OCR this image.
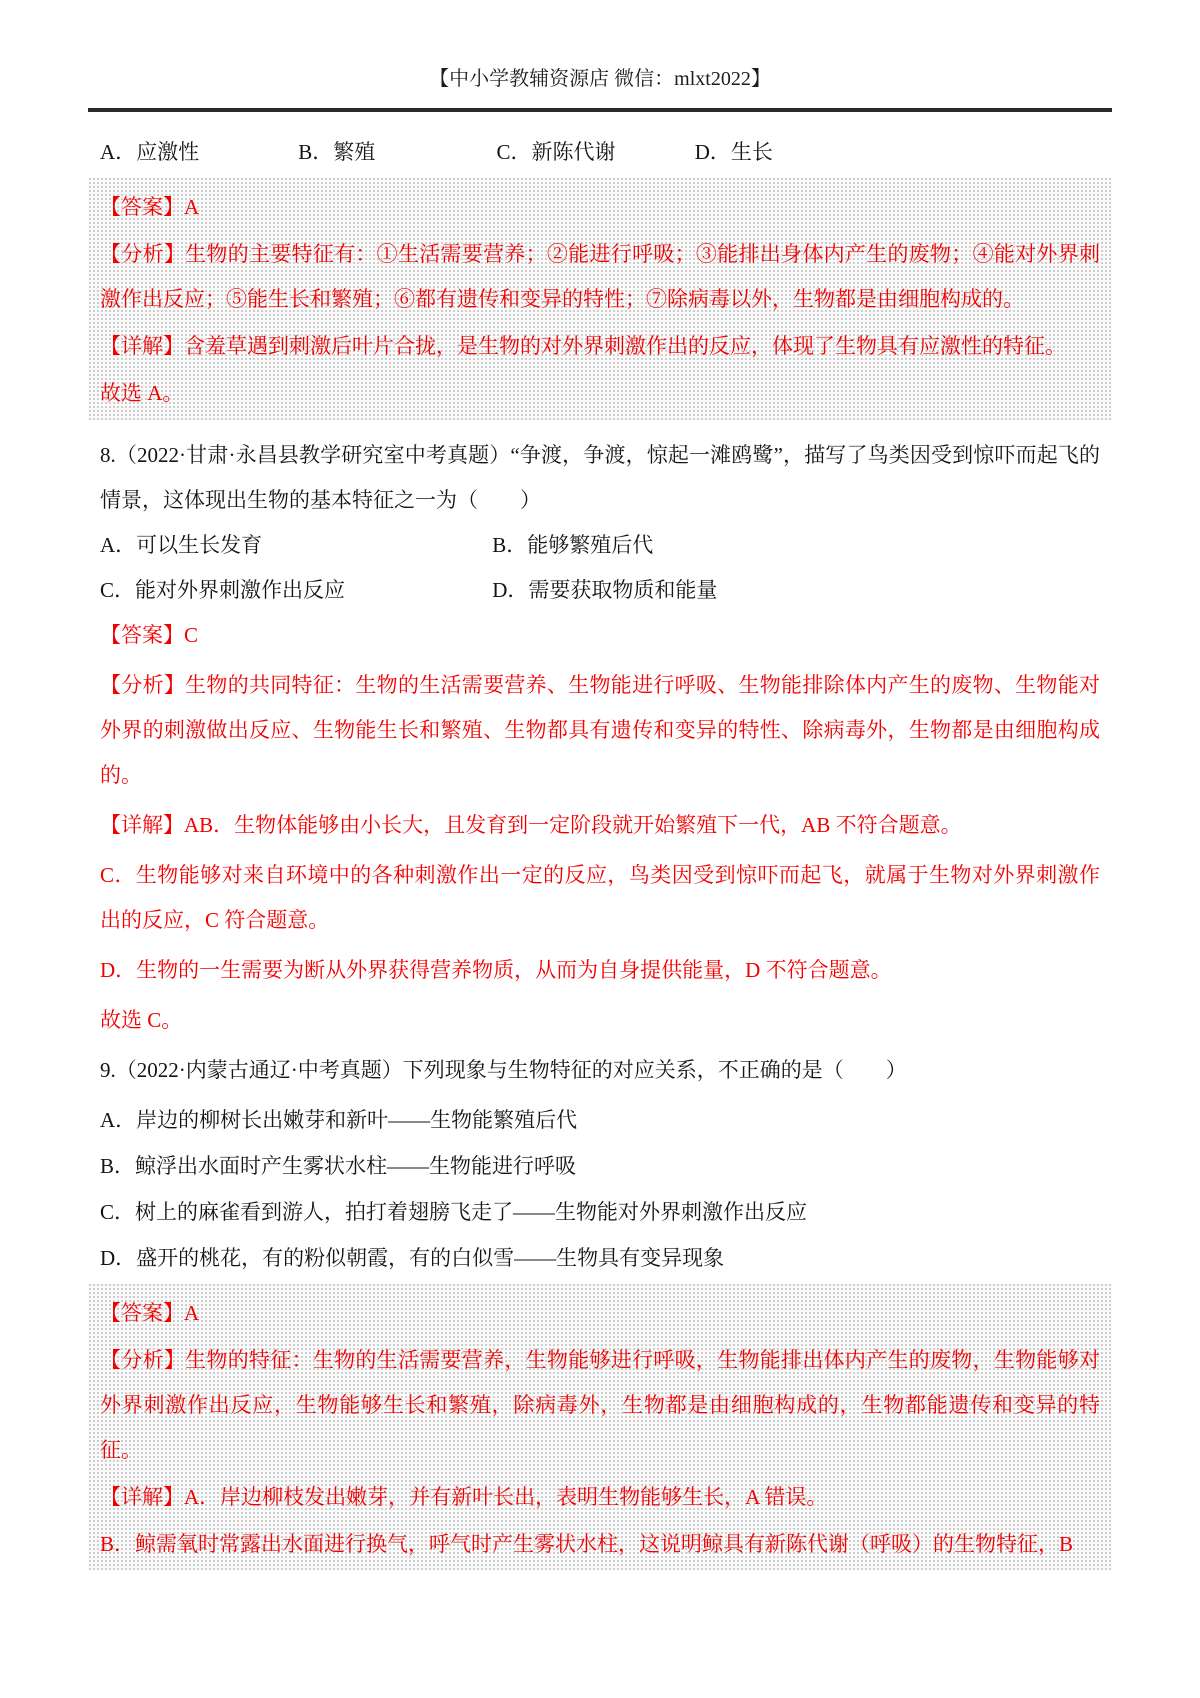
【中小学教辅资源店 微信：mlxt2022】
A．应激性	B．繁殖	C．新陈代谢	D．生长

【答案】A

【分析】生物的主要特征有：①生活需要营养；②能进行呼吸；③能排出身体内产生的废物；④能对外界刺激作出反应；⑤能生长和繁殖；⑥都有遗传和变异的特性；⑦除病毒以外，生物都是由细胞构成的。

【详解】含羞草遇到刺激后叶片合拢，是生物的对外界刺激作出的反应，体现了生物具有应激性的特征。

故选 A。

8.（2022·甘肃·永昌县教学研究室中考真题）“争渡，争渡，惊起一滩鸥鹭”，描写了鸟类因受到惊吓而起飞的情景，这体现出生物的基本特征之一为（　　）

A．可以生长发育	B．能够繁殖后代
C．能对外界刺激作出反应	D．需要获取物质和能量

【答案】C

【分析】生物的共同特征：生物的生活需要营养、生物能进行呼吸、生物能排除体内产生的废物、生物能对外界的刺激做出反应、生物能生长和繁殖、生物都具有遗传和变异的特性、除病毒外，生物都是由细胞构成的。

【详解】AB．生物体能够由小长大，且发育到一定阶段就开始繁殖下一代，AB 不符合题意。

C．生物能够对来自环境中的各种刺激作出一定的反应，鸟类因受到惊吓而起飞，就属于生物对外界刺激作出的反应，C 符合题意。

D．生物的一生需要为断从外界获得营养物质，从而为自身提供能量，D 不符合题意。

故选 C。

9.（2022·内蒙古通辽·中考真题）下列现象与生物特征的对应关系，不正确的是（　　）

A．岸边的柳树长出嫩芽和新叶——生物能繁殖后代

B．鲸浮出水面时产生雾状水柱——生物能进行呼吸

C．树上的麻雀看到游人，拍打着翅膀飞走了——生物能对外界刺激作出反应

D．盛开的桃花，有的粉似朝霞，有的白似雪——生物具有变异现象

【答案】A

【分析】生物的特征：生物的生活需要营养，生物能够进行呼吸，生物能排出体内产生的废物，生物能够对外界刺激作出反应，生物能够生长和繁殖，除病毒外，生物都是由细胞构成的，生物都能遗传和变异的特征。

【详解】A．岸边柳枝发出嫩芽，并有新叶长出，表明生物能够生长，A 错误。

B．鲸需氧时常露出水面进行换气，呼气时产生雾状水柱，这说明鲸具有新陈代谢（呼吸）的生物特征，B
